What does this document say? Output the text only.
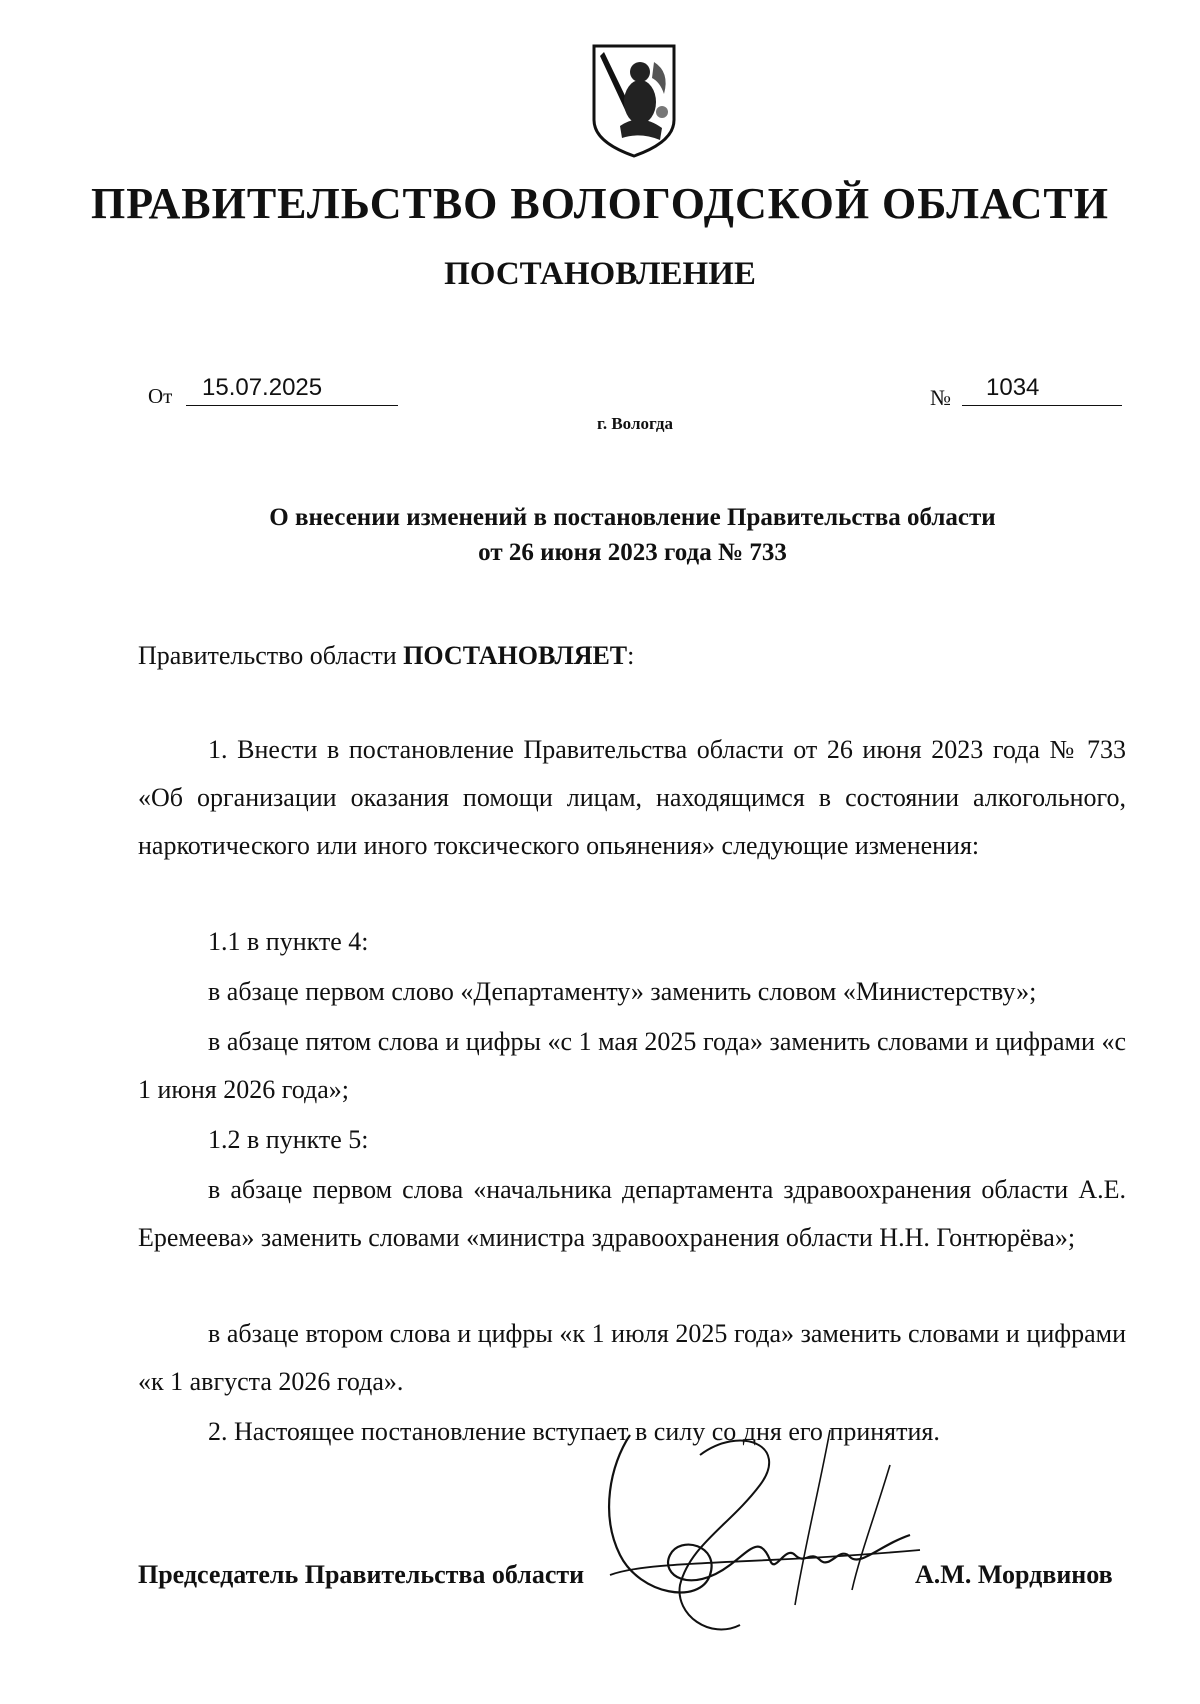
ПРАВИТЕЛЬСТВО ВОЛОГОДСКОЙ ОБЛАСТИ
ПОСТАНОВЛЕНИЕ
От	15.07.2025	№	1034
г. Вологда
О внесении изменений в постановление Правительства области
от 26 июня 2023 года № 733

Правительство области ПОСТАНОВЛЯЕТ:

1. Внести в постановление Правительства области от 26 июня 2023 года № 733 «Об организации оказания помощи лицам, находящимся в состоянии алкогольного, наркотического или иного токсического опьянения» следующие изменения:

1.1 в пункте 4:

в абзаце первом слово «Департаменту» заменить словом «Министерству»;

в абзаце пятом слова и цифры «с 1 мая 2025 года» заменить словами и цифрами «с 1 июня 2026 года»;

1.2 в пункте 5:

в абзаце первом слова «начальника департамента здравоохранения области А.Е. Еремеева» заменить словами «министра здравоохранения области Н.Н. Гонтюрёва»;

в абзаце втором слова и цифры «к 1 июля 2025 года» заменить словами и цифрами «к 1 августа 2026 года».

2. Настоящее постановление вступает в силу со дня его принятия.

Председатель Правительства области	А.М. Мордвинов
